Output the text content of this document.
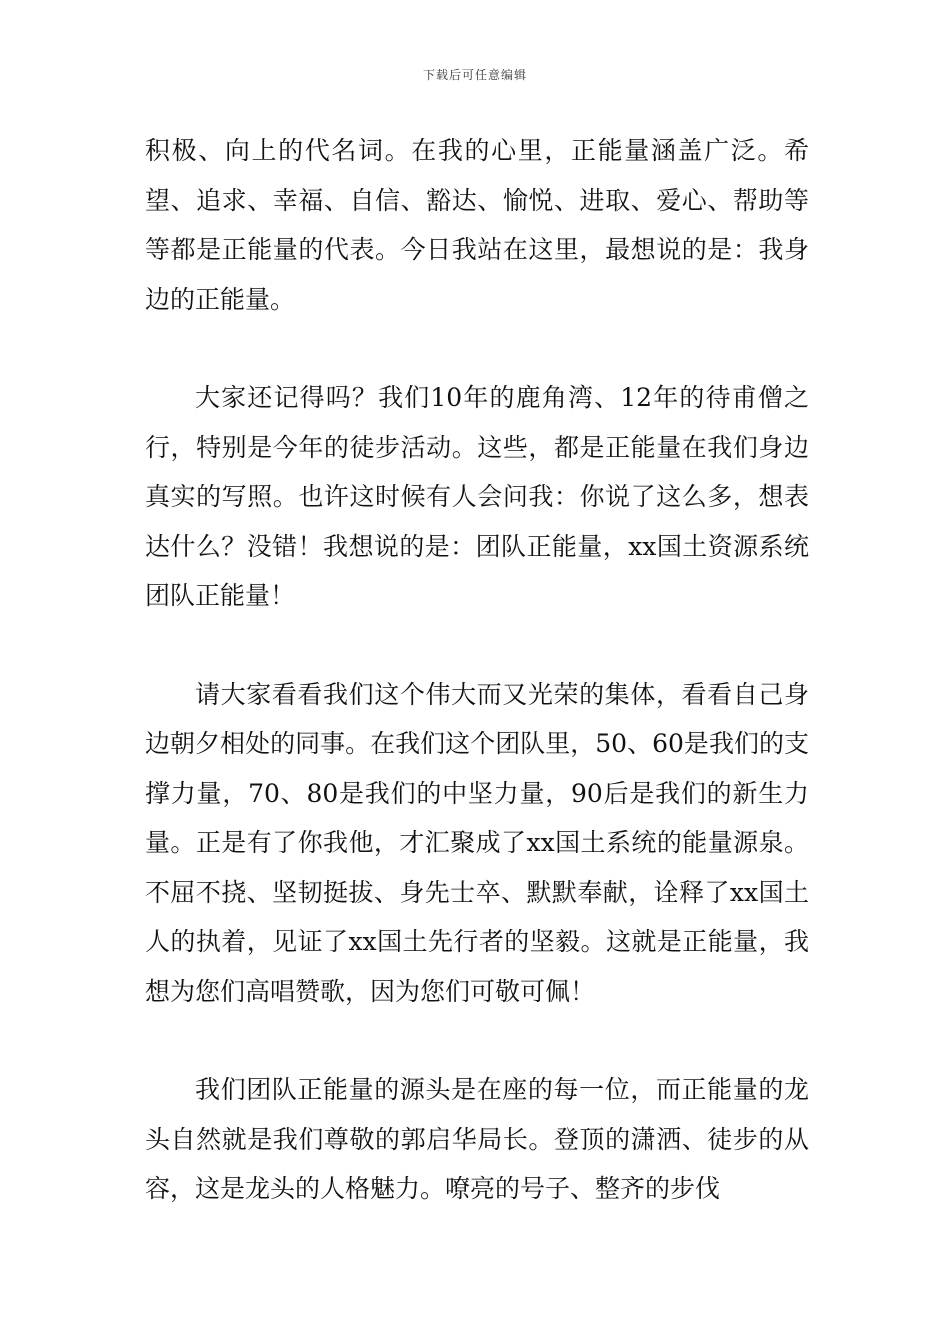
下载后可任意编辑

积极、向上的代名词。在我的心里，正能量涵盖广泛。希望、追求、幸福、自信、豁达、愉悦、进取、爱心、帮助等等都是正能量的代表。今日我站在这里，最想说的是：我身边的正能量。

大家还记得吗？我们10年的鹿角湾、12年的待甫僧之行，特别是今年的徒步活动。这些，都是正能量在我们身边真实的写照。也许这时候有人会问我：你说了这么多，想表达什么？没错！我想说的是：团队正能量，xx国土资源系统团队正能量！

请大家看看我们这个伟大而又光荣的集体，看看自己身边朝夕相处的同事。在我们这个团队里，50、60是我们的支撑力量，70、80是我们的中坚力量，90后是我们的新生力量。正是有了你我他，才汇聚成了xx国土系统的能量源泉。不屈不挠、坚韧挺拔、身先士卒、默默奉献，诠释了xx国土人的执着，见证了xx国土先行者的坚毅。这就是正能量，我想为您们高唱赞歌，因为您们可敬可佩！

我们团队正能量的源头是在座的每一位，而正能量的龙头自然就是我们尊敬的郭启华局长。登顶的潇洒、徒步的从容，这是龙头的人格魅力。嘹亮的号子、整齐的步伐
